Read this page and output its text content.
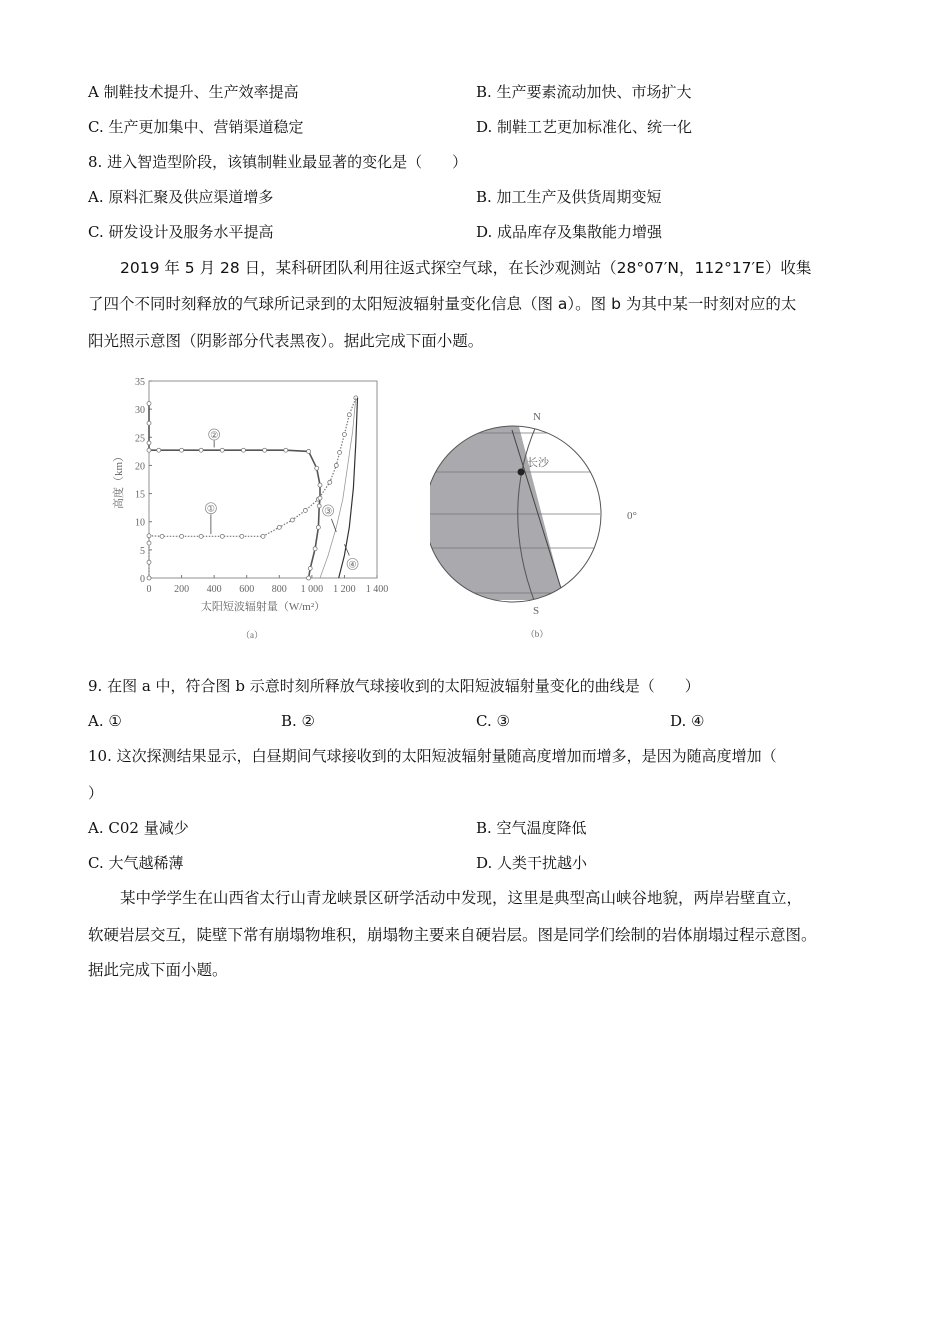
A 制鞋技术提升、生产效率提高	B. 生产要素流动加快、市场扩大
C. 生产更加集中、营销渠道稳定	D. 制鞋工艺更加标准化、统一化
8. 进入智造型阶段，该镇制鞋业最显著的变化是（　　）
A. 原料汇聚及供应渠道增多	B. 加工生产及供货周期变短
C. 研发设计及服务水平提高	D. 成品库存及集散能力增强
2019 年 5 月 28 日，某科研团队利用往返式探空气球，在长沙观测站（28°07′N，112°17′E）收集
了四个不同时刻释放的气球所记录到的太阳短波辐射量变化信息（图 a）。图 b 为其中某一时刻对应的太
阳光照示意图（阴影部分代表黑夜）。据此完成下面小题。
0 200 400 600 800 1 000 1 200 1 400
0
5
10
15
20
25
30
35
①
②
③
④
太阳短波辐射量（W/m²）
高度（km）
（a）
N
S
长沙
0°
（b）
9. 在图 a 中，符合图 b 示意时刻所释放气球接收到的太阳短波辐射量变化的曲线是（　　）
A. ①	B. ②	C. ③	D. ④
10. 这次探测结果显示，白昼期间气球接收到的太阳短波辐射量随高度增加而增多，是因为随高度增加（
）
A. C02 量减少	B. 空气温度降低
C. 大气越稀薄	D. 人类干扰越小
某中学学生在山西省太行山青龙峡景区研学活动中发现，这里是典型高山峡谷地貌，两岸岩壁直立，
软硬岩层交互，陡壁下常有崩塌物堆积，崩塌物主要来自硬岩层。图是同学们绘制的岩体崩塌过程示意图。
据此完成下面小题。
